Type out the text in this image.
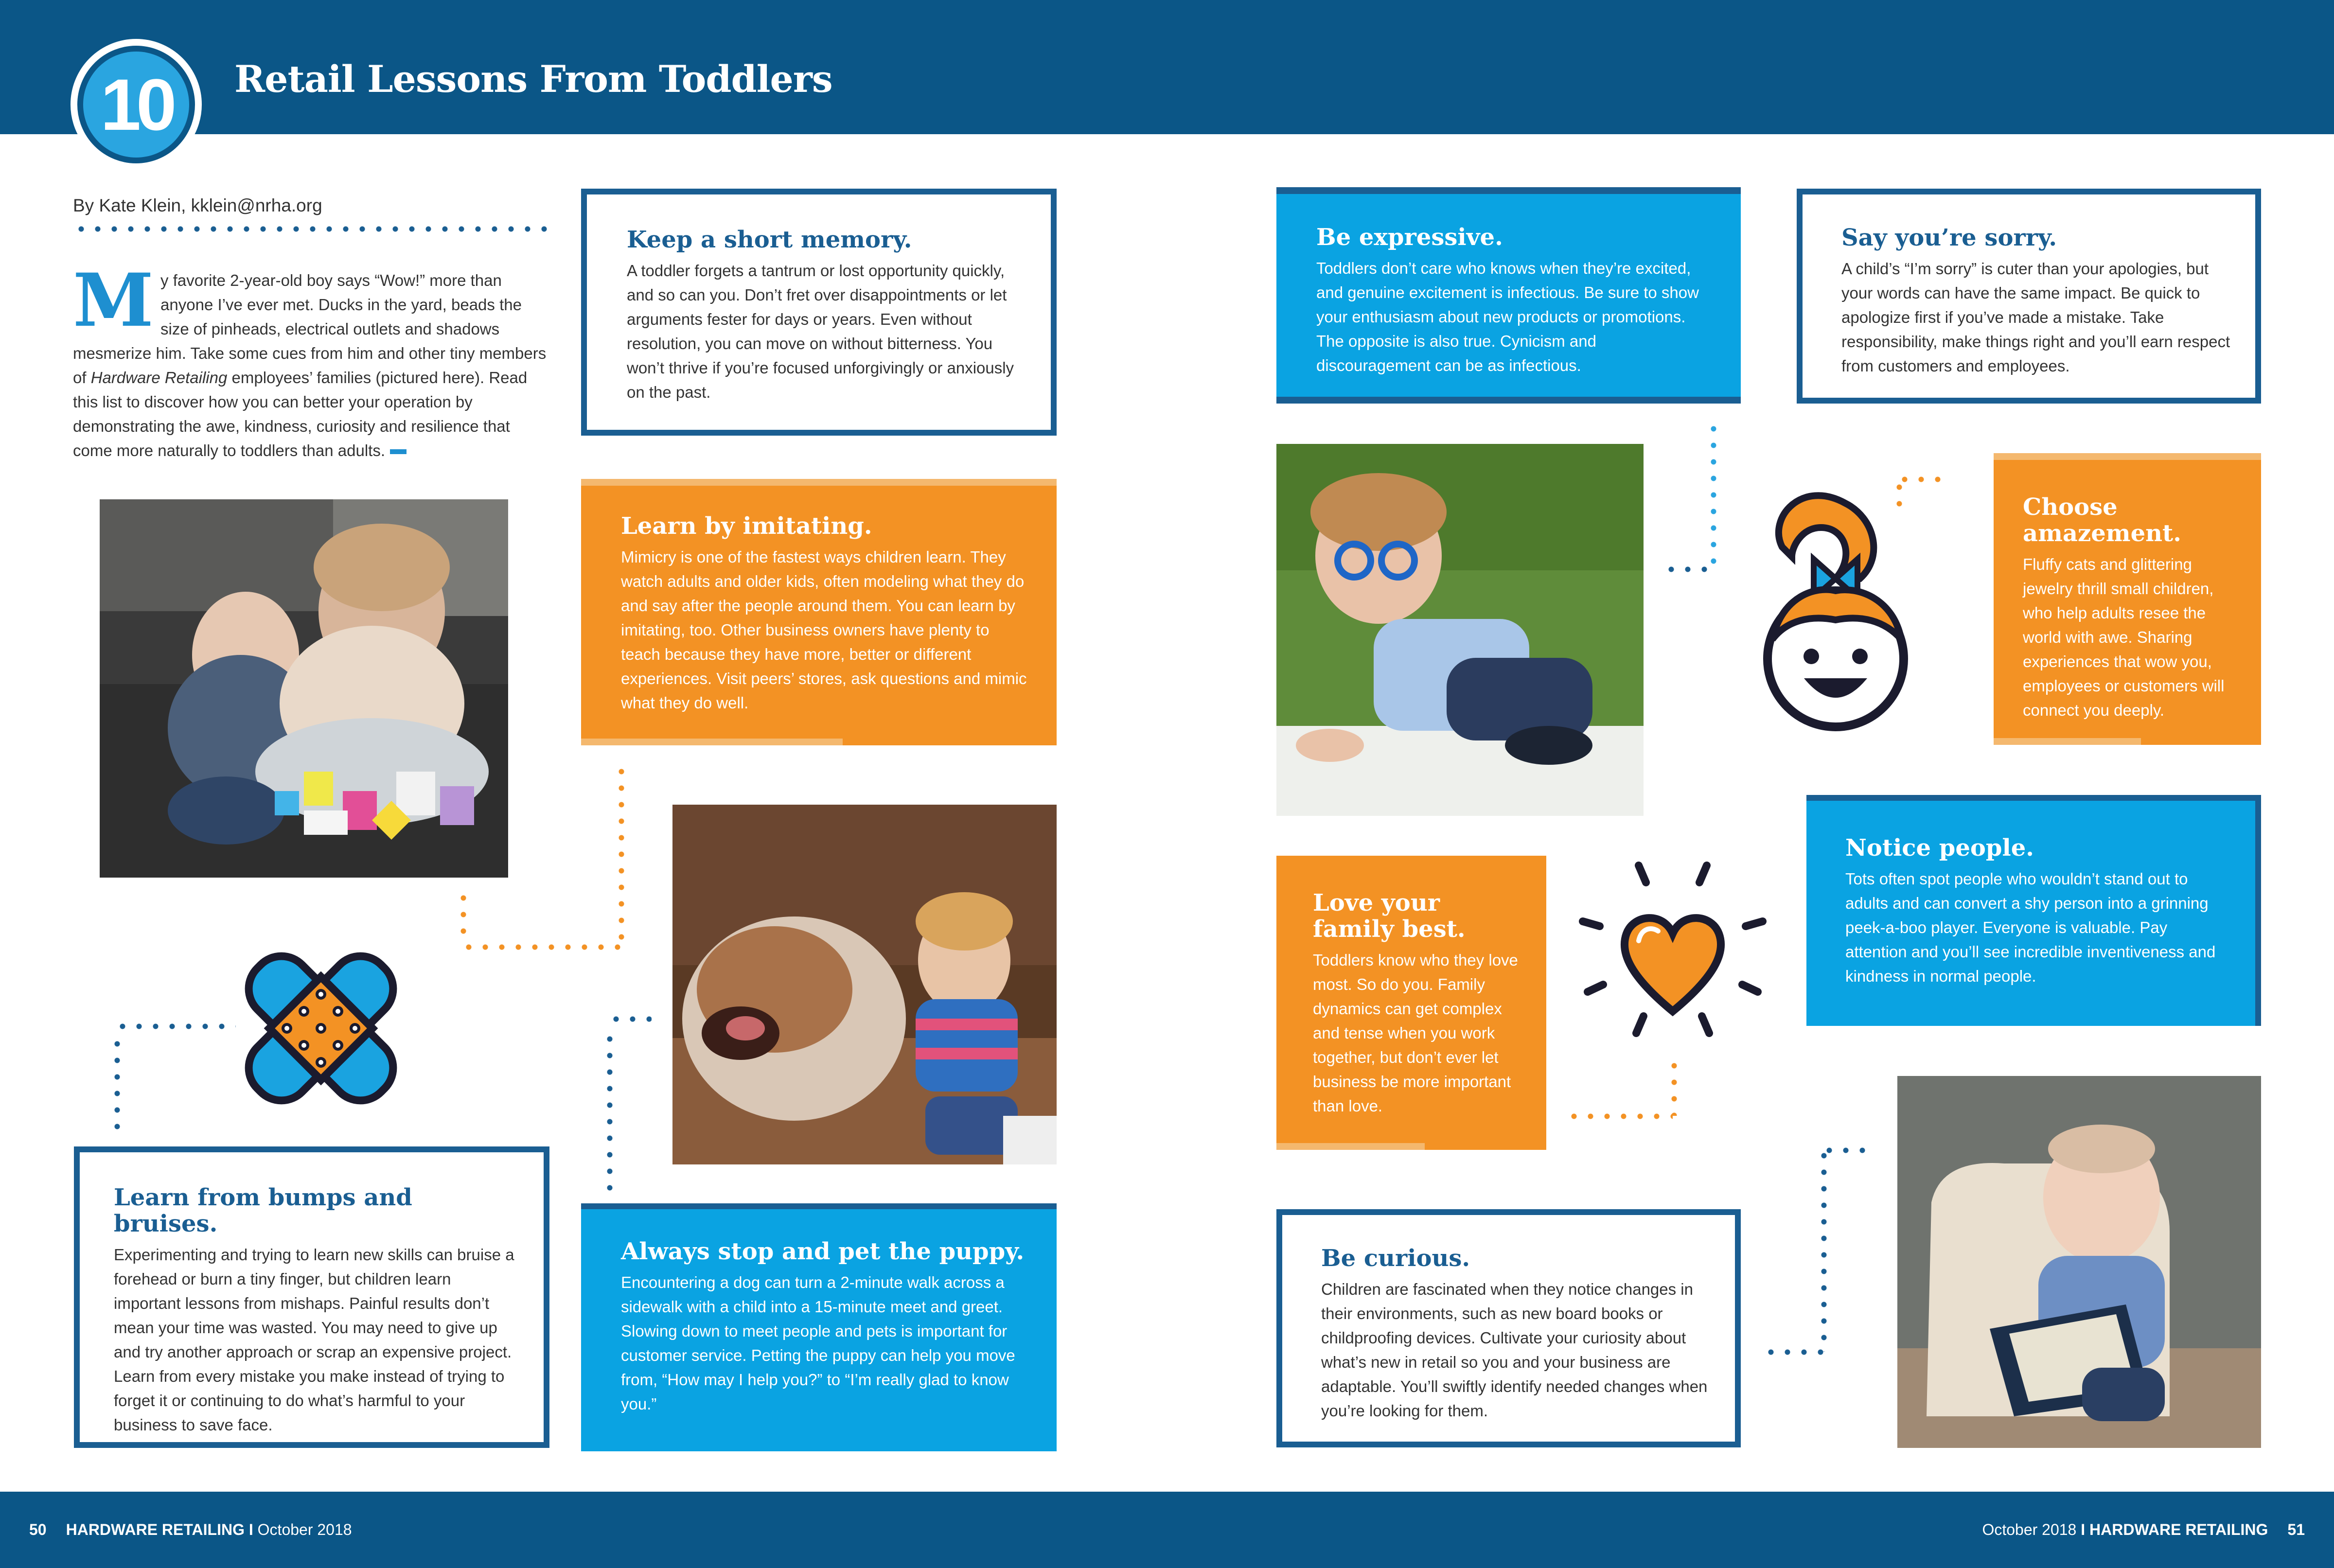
10	Retail Lessons From Toddlers
By Kate Klein, kklein@nrha.org
My favorite 2-year-old boy says “Wow!” more than anyone I’ve ever met. Ducks in the yard, beads the size of pinheads, electrical outlets and shadows mesmerize him. Take some cues from him and other tiny members of Hardware Retailing employees’ families (pictured here). Read this list to discover how you can better your operation by demonstrating the awe, kindness, curiosity and resilience that come more naturally to toddlers than adults.
Keep a short memory.

A toddler forgets a tantrum or lost opportunity quickly, and so can you. Don’t fret over disappointments or let arguments fester for days or years. Even without resolution, you can move on without bitterness. You won’t thrive if you’re focused unforgivingly or anxiously on the past.

Learn by imitating.

Mimicry is one of the fastest ways children learn. They watch adults and older kids, often modeling what they do and say after the people around them. You can learn by imitating, too. Other business owners have plenty to teach because they have more, better or different experiences. Visit peers’ stores, ask questions and mimic what they do well.

Learn from bumps and bruises.

Experimenting and trying to learn new skills can bruise a forehead or burn a tiny finger, but children learn important lessons from mishaps. Painful results don’t mean your time was wasted. You may need to give up and try another approach or scrap an expensive project. Learn from every mistake you make instead of trying to forget it or continuing to do what’s harmful to your business to save face.

Always stop and pet the puppy.

Encountering a dog can turn a 2-minute walk across a sidewalk with a child into a 15-minute meet and greet. Slowing down to meet people and pets is important for customer service. Petting the puppy can help you move from, “How may I help you?” to “I’m really glad to know you.”

Be expressive.

Toddlers don’t care who knows when they’re excited, and genuine excitement is infectious. Be sure to show your enthusiasm about new products or promotions. The opposite is also true. Cynicism and discouragement can be as infectious.

Say you’re sorry.

A child’s “I’m sorry” is cuter than your apologies, but your words can have the same impact. Be quick to apologize first if you’ve made a mistake. Take responsibility, make things right and you’ll earn respect from customers and employees.

Choose amazement.

Fluffy cats and glittering jewelry thrill small children, who help adults resee the world with awe. Sharing experiences that wow you, employees or customers will connect you deeply.

Notice people.

Tots often spot people who wouldn’t stand out to adults and can convert a shy person into a grinning peek-a-boo player. Everyone is valuable. Pay attention and you’ll see incredible inventiveness and kindness in normal people.

Love your family best.

Toddlers know who they love most. So do you. Family dynamics can get complex and tense when you work together, but don’t ever let business be more important than love.

Be curious.

Children are fascinated when they notice changes in their environments, such as new board books or childproofing devices. Cultivate your curiosity about what’s new in retail so you and your business are adaptable. You’ll swiftly identify needed changes when you’re looking for them.

50 HARDWARE RETAILING I October 2018	October 2018 I HARDWARE RETAILING 51
